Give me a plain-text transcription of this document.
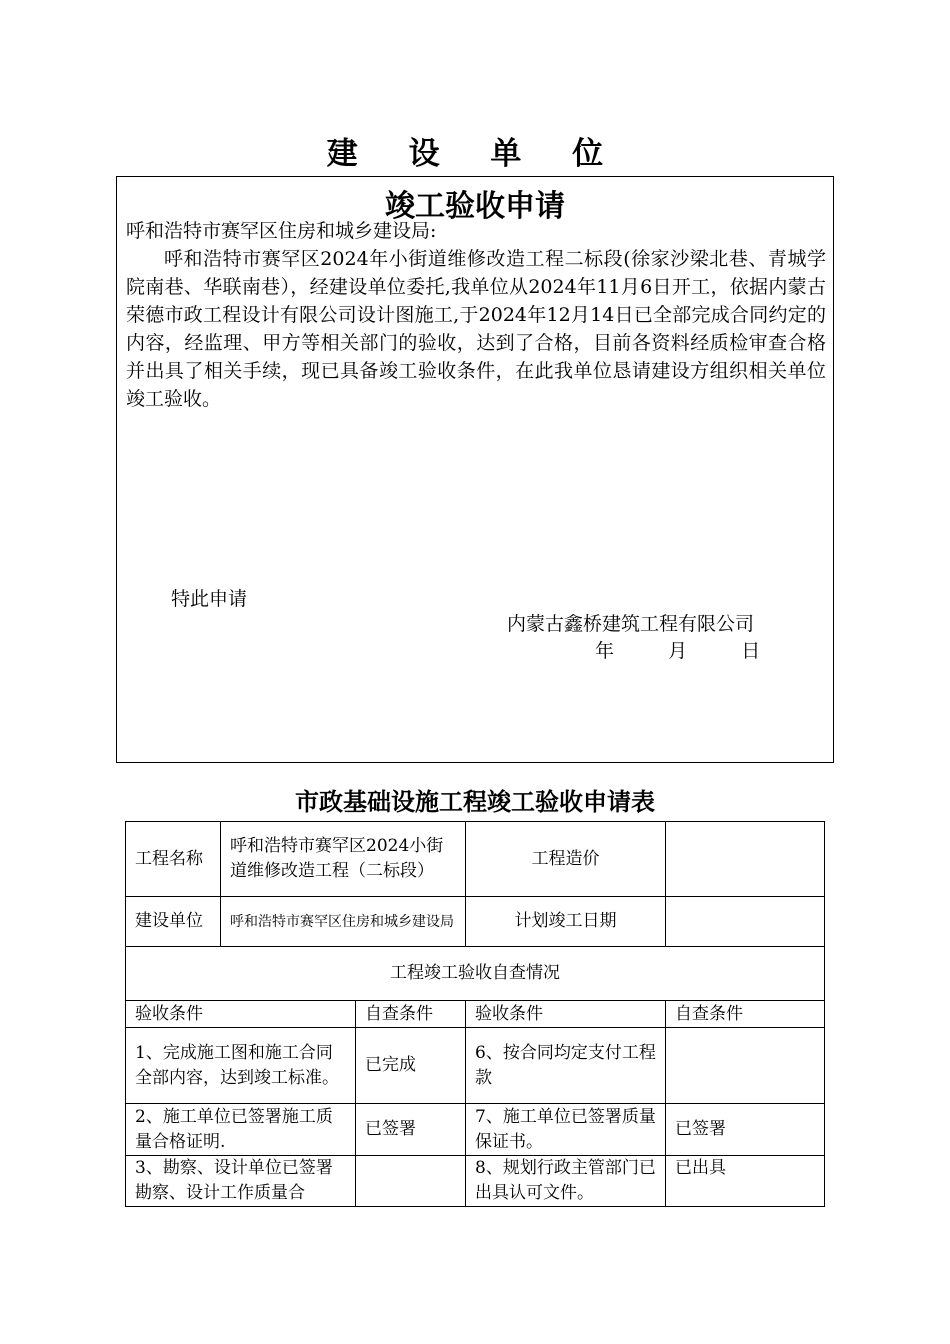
建 设 单 位
竣工验收申请
呼和浩特市赛罕区住房和城乡建设局:
呼和浩特市赛罕区2024年小街道维修改造工程二标段(徐家沙梁北巷、青城学院南巷、华联南巷），经建设单位委托,我单位从2024年11月6日开工，依据内蒙古荣德市政工程设计有限公司设计图施工,于2024年12月14日已全部完成合同约定的内容，经监理、甲方等相关部门的验收，达到了合格，目前各资料经质检审查合格并出具了相关手续，现已具备竣工验收条件，在此我单位恳请建设方组织相关单位竣工验收。
特此申请
内蒙古鑫桥建筑工程有限公司
年	月	日
市政基础设施工程竣工验收申请表
工程名称	呼和浩特市赛罕区2024小街道维修改造工程（二标段）		工程造价	
建设单位	呼和浩特市赛罕区住房和城乡建设局		计划竣工日期	
工程竣工验收自查情况				
验收条件		自查条件	验收条件	自查条件
1、完成施工图和施工合同全部内容，达到竣工标准。		已完成	6、按合同均定支付工程款	
2、施工单位已签署施工质量合格证明.		已签署	7、施工单位已签署质量保证书。	已签署
3、勘察、设计单位已签署勘察、设计工作质量合			8、规划行政主管部门已出具认可文件。	已出具
